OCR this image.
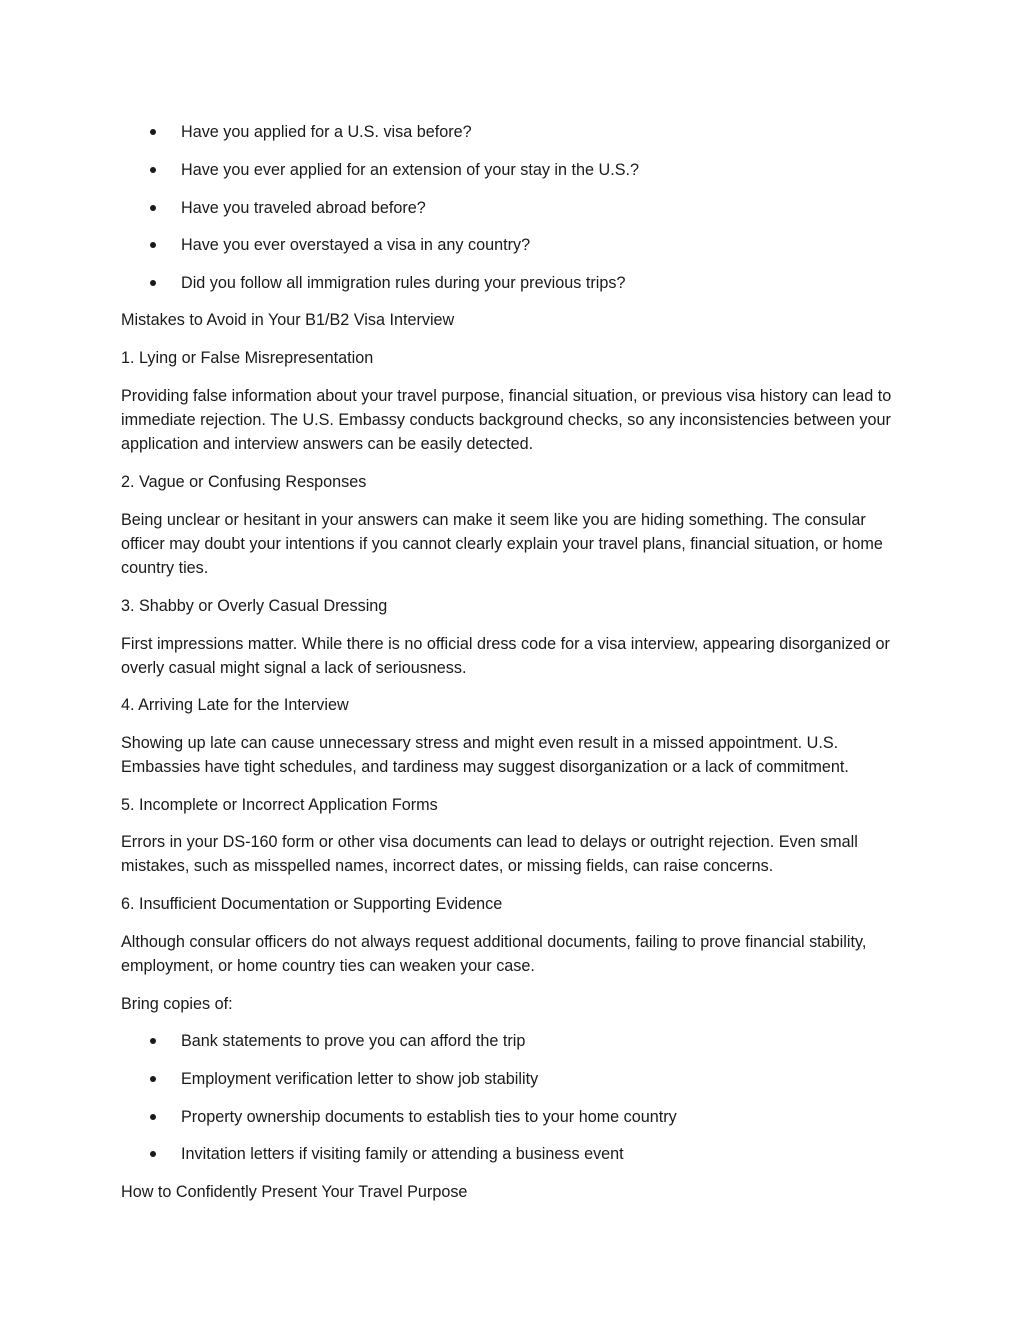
Have you applied for a U.S. visa before?
Have you ever applied for an extension of your stay in the U.S.?
Have you traveled abroad before?
Have you ever overstayed a visa in any country?
Did you follow all immigration rules during your previous trips?

Mistakes to Avoid in Your B1/B2 Visa Interview

1. Lying or False Misrepresentation

Providing false information about your travel purpose, financial situation, or previous visa history can lead to immediate rejection. The U.S. Embassy conducts background checks, so any inconsistencies between your application and interview answers can be easily detected.

2. Vague or Confusing Responses

Being unclear or hesitant in your answers can make it seem like you are hiding something. The consular officer may doubt your intentions if you cannot clearly explain your travel plans, financial situation, or home country ties.

3. Shabby or Overly Casual Dressing

First impressions matter. While there is no official dress code for a visa interview, appearing disorganized or overly casual might signal a lack of seriousness.

4. Arriving Late for the Interview

Showing up late can cause unnecessary stress and might even result in a missed appointment. U.S. Embassies have tight schedules, and tardiness may suggest disorganization or a lack of commitment.

5. Incomplete or Incorrect Application Forms

Errors in your DS-160 form or other visa documents can lead to delays or outright rejection. Even small mistakes, such as misspelled names, incorrect dates, or missing fields, can raise concerns.

6. Insufficient Documentation or Supporting Evidence

Although consular officers do not always request additional documents, failing to prove financial stability, employment, or home country ties can weaken your case.

Bring copies of:

Bank statements to prove you can afford the trip
Employment verification letter to show job stability
Property ownership documents to establish ties to your home country
Invitation letters if visiting family or attending a business event

How to Confidently Present Your Travel Purpose
